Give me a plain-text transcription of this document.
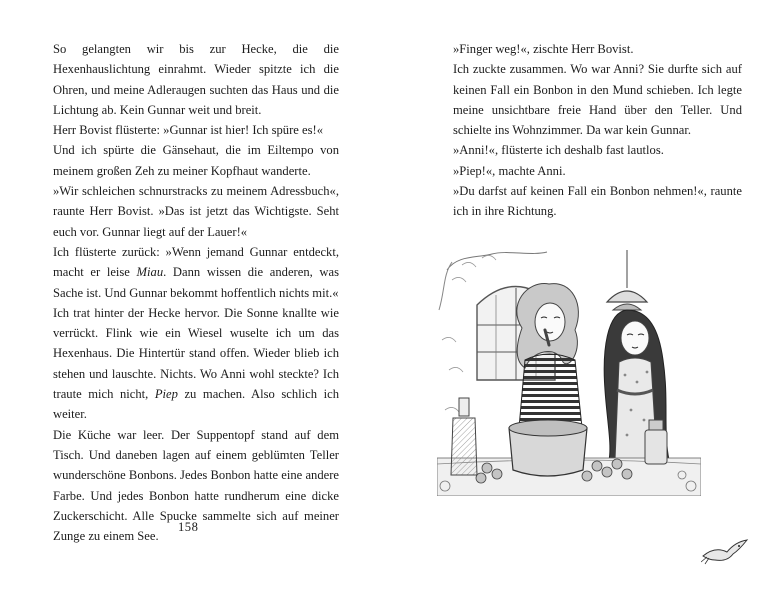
So gelangten wir bis zur Hecke, die die Hexenhauslichtung einrahmt. Wieder spitzte ich die Ohren, und meine Adleraugen suchten das Haus und die Lichtung ab. Kein Gunnar weit und breit.

Herr Bovist flüsterte: »Gunnar ist hier! Ich spüre es!«

Und ich spürte die Gänsehaut, die im Eiltempo von meinem großen Zeh zu meiner Kopfhaut wanderte.

»Wir schleichen schnurstracks zu meinem Adressbuch«, raunte Herr Bovist. »Das ist jetzt das Wichtigste. Seht euch vor. Gunnar liegt auf der Lauer!«

Ich flüsterte zurück: »Wenn jemand Gunnar entdeckt, macht er leise Miau. Dann wissen die anderen, was Sache ist. Und Gunnar bekommt hoffentlich nichts mit.«

Ich trat hinter der Hecke hervor. Die Sonne knallte wie verrückt. Flink wie ein Wiesel wuselte ich um das Hexenhaus. Die Hintertür stand offen. Wieder blieb ich stehen und lauschte. Nichts. Wo Anni wohl steckte? Ich traute mich nicht, Piep zu machen. Also schlich ich weiter.

Die Küche war leer. Der Suppentopf stand auf dem Tisch. Und daneben lagen auf einem geblümten Teller wunderschöne Bonbons. Jedes Bonbon hatte eine andere Farbe. Und jedes Bonbon hatte rundherum eine dicke Zuckerschicht. Alle Spucke sammelte sich auf meiner Zunge zu einem See.

158

»Finger weg!«, zischte Herr Bovist.

Ich zuckte zusammen. Wo war Anni? Sie durfte sich auf keinen Fall ein Bonbon in den Mund schieben. Ich legte meine unsichtbare freie Hand über den Teller. Und schielte ins Wohnzimmer. Da war kein Gunnar.

»Anni!«, flüsterte ich deshalb fast lautlos.

»Piep!«, machte Anni.

»Du darfst auf keinen Fall ein Bonbon nehmen!«, raunte ich in ihre Richtung.
